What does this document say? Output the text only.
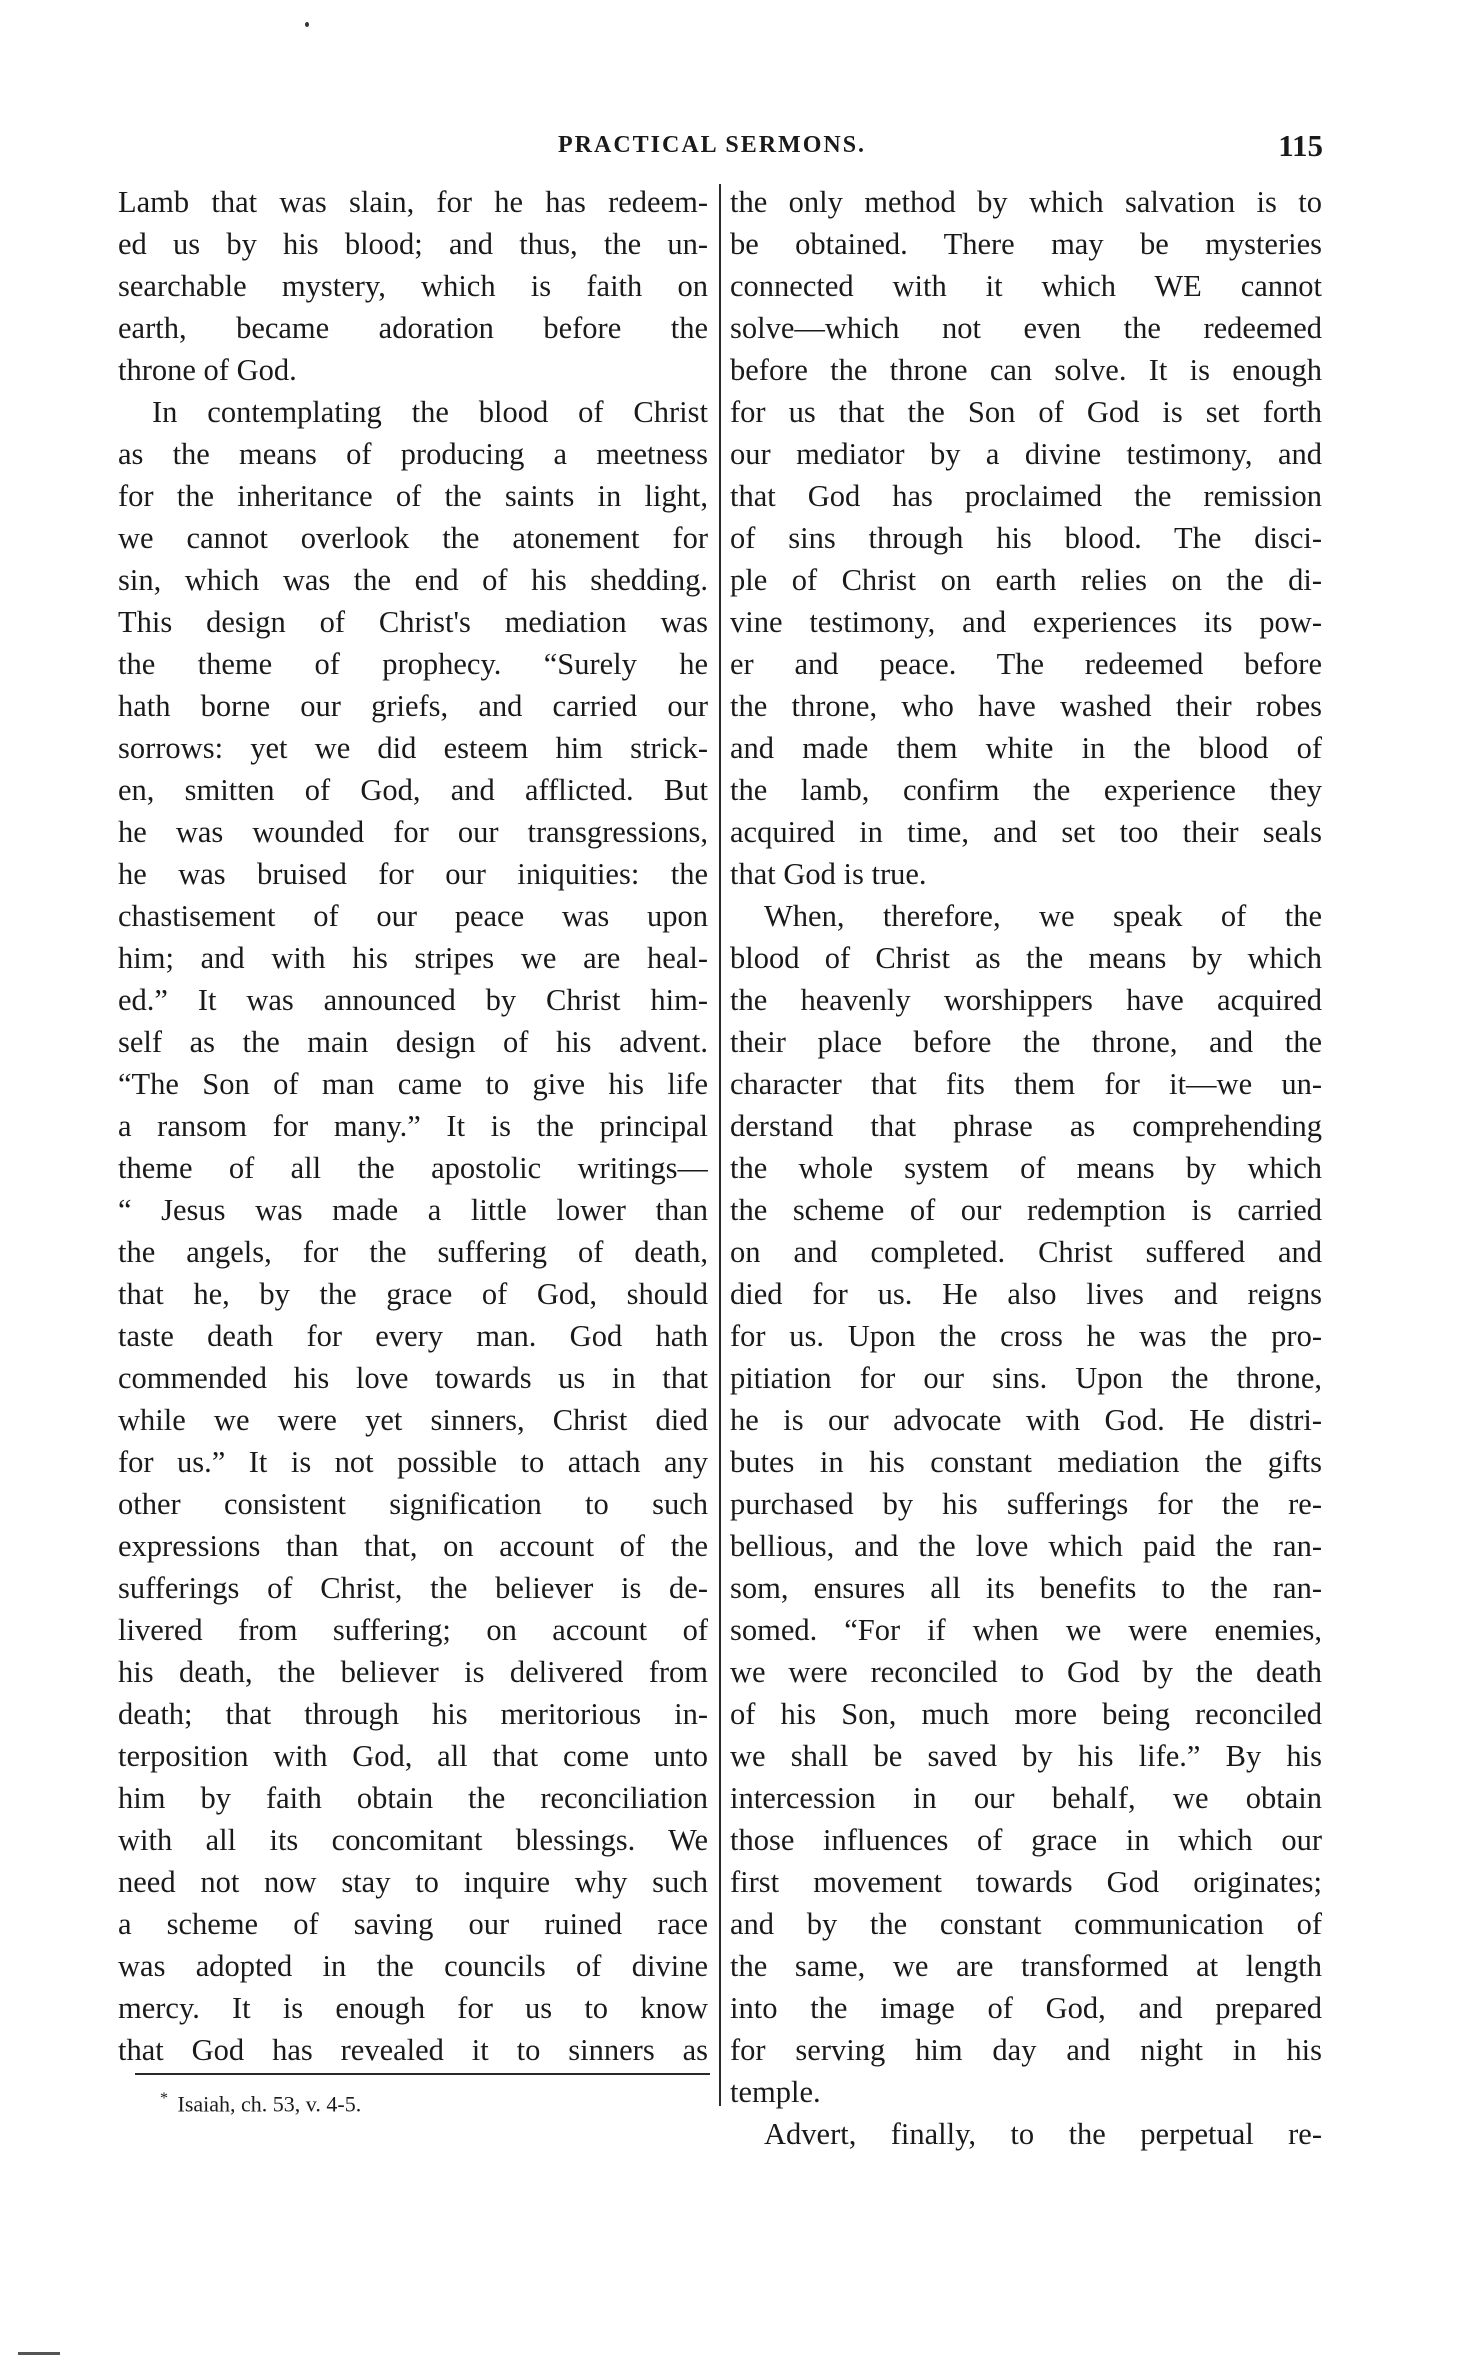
PRACTICAL SERMONS.	115
Lamb that was slain, for he has redeem-
ed us by his blood; and thus, the un-
searchable mystery, which is faith on
earth, became adoration before the
throne of God.
In contemplating the blood of Christ
as the means of producing a meetness
for the inheritance of the saints in light,
we cannot overlook the atonement for
sin, which was the end of his shedding.
This design of Christ's mediation was
the theme of prophecy. “Surely he
hath borne our griefs, and carried our
sorrows: yet we did esteem him strick-
en, smitten of God, and afflicted. But
he was wounded for our transgressions,
he was bruised for our iniquities: the
chastisement of our peace was upon
him; and with his stripes we are heal-
ed.” It was announced by Christ him-
self as the main design of his advent.
“The Son of man came to give his life
a ransom for many.” It is the principal
theme of all the apostolic writings—
“ Jesus was made a little lower than
the angels, for the suffering of death,
that he, by the grace of God, should
taste death for every man. God hath
commended his love towards us in that
while we were yet sinners, Christ died
for us.” It is not possible to attach any
other consistent signification to such
expressions than that, on account of the
sufferings of Christ, the believer is de-
livered from suffering; on account of
his death, the believer is delivered from
death; that through his meritorious in-
terposition with God, all that come unto
him by faith obtain the reconciliation
with all its concomitant blessings. We
need not now stay to inquire why such
a scheme of saving our ruined race
was adopted in the councils of divine
mercy. It is enough for us to know
that God has revealed it to sinners as
the only method by which salvation is to
be obtained. There may be mysteries
connected with it which WE cannot
solve—which not even the redeemed
before the throne can solve. It is enough
for us that the Son of God is set forth
our mediator by a divine testimony, and
that God has proclaimed the remission
of sins through his blood. The disci-
ple of Christ on earth relies on the di-
vine testimony, and experiences its pow-
er and peace. The redeemed before
the throne, who have washed their robes
and made them white in the blood of
the lamb, confirm the experience they
acquired in time, and set too their seals
that God is true.
When, therefore, we speak of the
blood of Christ as the means by which
the heavenly worshippers have acquired
their place before the throne, and the
character that fits them for it—we un-
derstand that phrase as comprehending
the whole system of means by which
the scheme of our redemption is carried
on and completed. Christ suffered and
died for us. He also lives and reigns
for us. Upon the cross he was the pro-
pitiation for our sins. Upon the throne,
he is our advocate with God. He distri-
butes in his constant mediation the gifts
purchased by his sufferings for the re-
bellious, and the love which paid the ran-
som, ensures all its benefits to the ran-
somed. “For if when we were enemies,
we were reconciled to God by the death
of his Son, much more being reconciled
we shall be saved by his life.” By his
intercession in our behalf, we obtain
those influences of grace in which our
first movement towards God originates;
and by the constant communication of
the same, we are transformed at length
into the image of God, and prepared
for serving him day and night in his
temple.
Advert, finally, to the perpetual re-
* Isaiah, ch. 53, v. 4-5.
